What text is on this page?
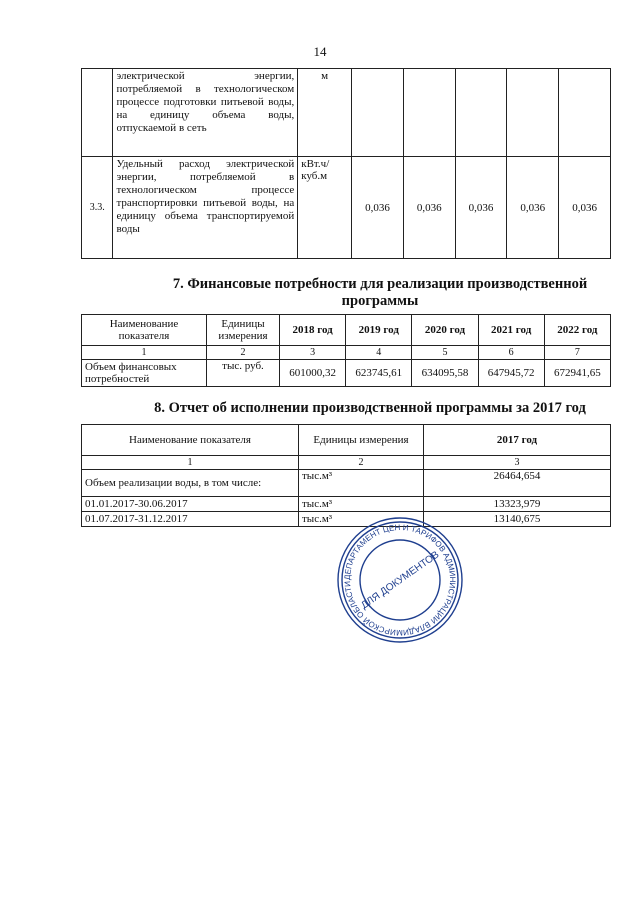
14
	электрической энергии, потребляемой в технологическом процессе подготовки питьевой воды, на единицу объема воды, отпускаемой в сеть	м					
3.3.	Удельный расход электрической энергии, потребляемой в технологическом процессе транспортировки питьевой воды, на единицу объема транспортируемой воды	кВт.ч/куб.м	0,036	0,036	0,036	0,036	0,036
7. Финансовые потребности для реализации производственной программы
Наименование показателя	Единицы измерения	2018 год	2019 год	2020 год	2021 год	2022 год
1	2	3	4	5	6	7
Объем финансовых потребностей	тыс. руб.	601000,32	623745,61	634095,58	647945,72	672941,65
8. Отчет об исполнении производственной программы за 2017 год
Наименование показателя	Единицы измерения	2017 год
1	2	3
Объем реализации воды, в том числе:	тыс.м³	26464,654
01.01.2017-30.06.2017	тыс.м³	13323,979
01.07.2017-31.12.2017	тыс.м³	13140,675
ДЕПАРТАМЕНТ ЦЕН И ТАРИФОВ АДМИНИСТРАЦИИ ВЛАДИМИРСКОЙ ОБЛАСТИ ДЛЯ ДОКУМЕНТОВ
